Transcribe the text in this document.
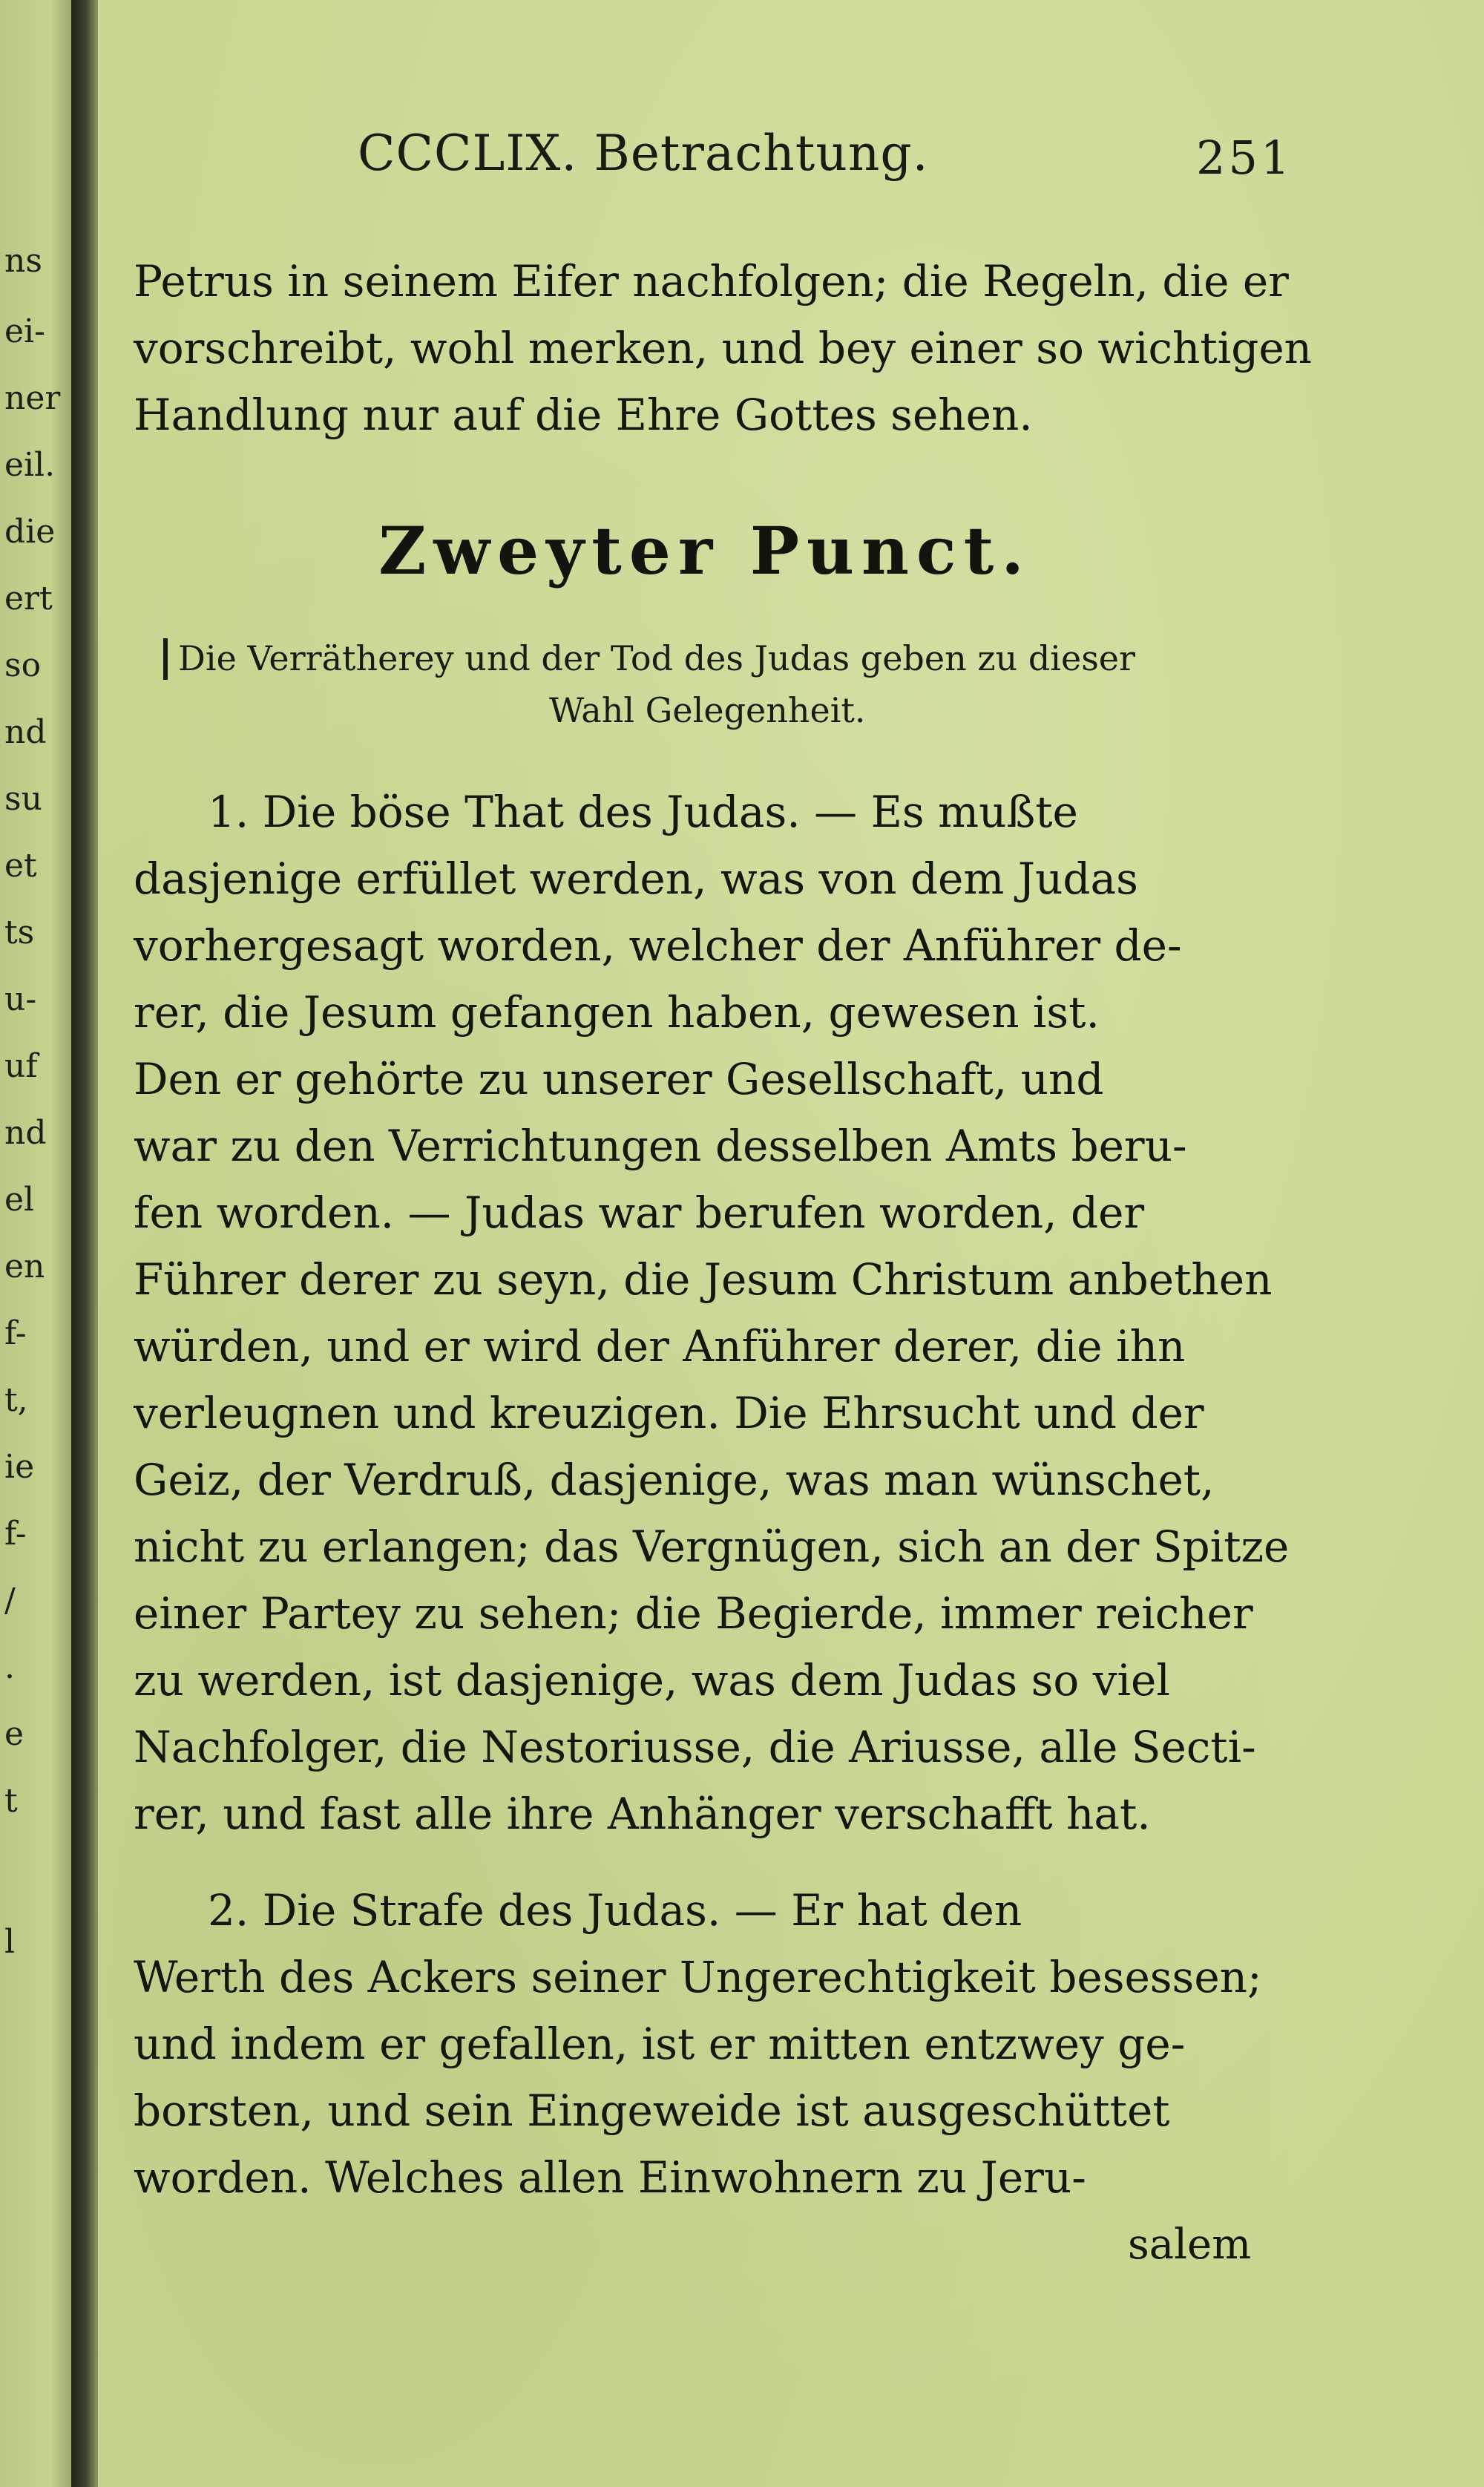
ns
ei-
ner
eil.
die
ert
so
nd
su
et
ts
u-
uf
nd
el
en
f-
t,
ie
f-
/
.
e
t
l
CCCLIX. Betrachtung.	251
Petrus in seinem Eifer nachfolgen; die Regeln, die er
vorschreibt, wohl merken, und bey einer so wichtigen
Handlung nur auf die Ehre Gottes sehen.
Zweyter Punct.
Die Verrätherey und der Tod des Judas geben zu dieser
Wahl Gelegenheit.
1. Die böse That des Judas. — Es mußte
dasjenige erfüllet werden, was von dem Judas
vorhergesagt worden, welcher der Anführer de-
rer, die Jesum gefangen haben, gewesen ist.
Den er gehörte zu unserer Gesellschaft, und
war zu den Verrichtungen desselben Amts beru-
fen worden. — Judas war berufen worden, der
Führer derer zu seyn, die Jesum Christum anbethen
würden, und er wird der Anführer derer, die ihn
verleugnen und kreuzigen. Die Ehrsucht und der
Geiz, der Verdruß, dasjenige, was man wünschet,
nicht zu erlangen; das Vergnügen, sich an der Spitze
einer Partey zu sehen; die Begierde, immer reicher
zu werden, ist dasjenige, was dem Judas so viel
Nachfolger, die Nestoriusse, die Ariusse, alle Secti-
rer, und fast alle ihre Anhänger verschafft hat.
2. Die Strafe des Judas. — Er hat den
Werth des Ackers seiner Ungerechtigkeit besessen;
und indem er gefallen, ist er mitten entzwey ge-
borsten, und sein Eingeweide ist ausgeschüttet
worden. Welches allen Einwohnern zu Jeru-
salem
